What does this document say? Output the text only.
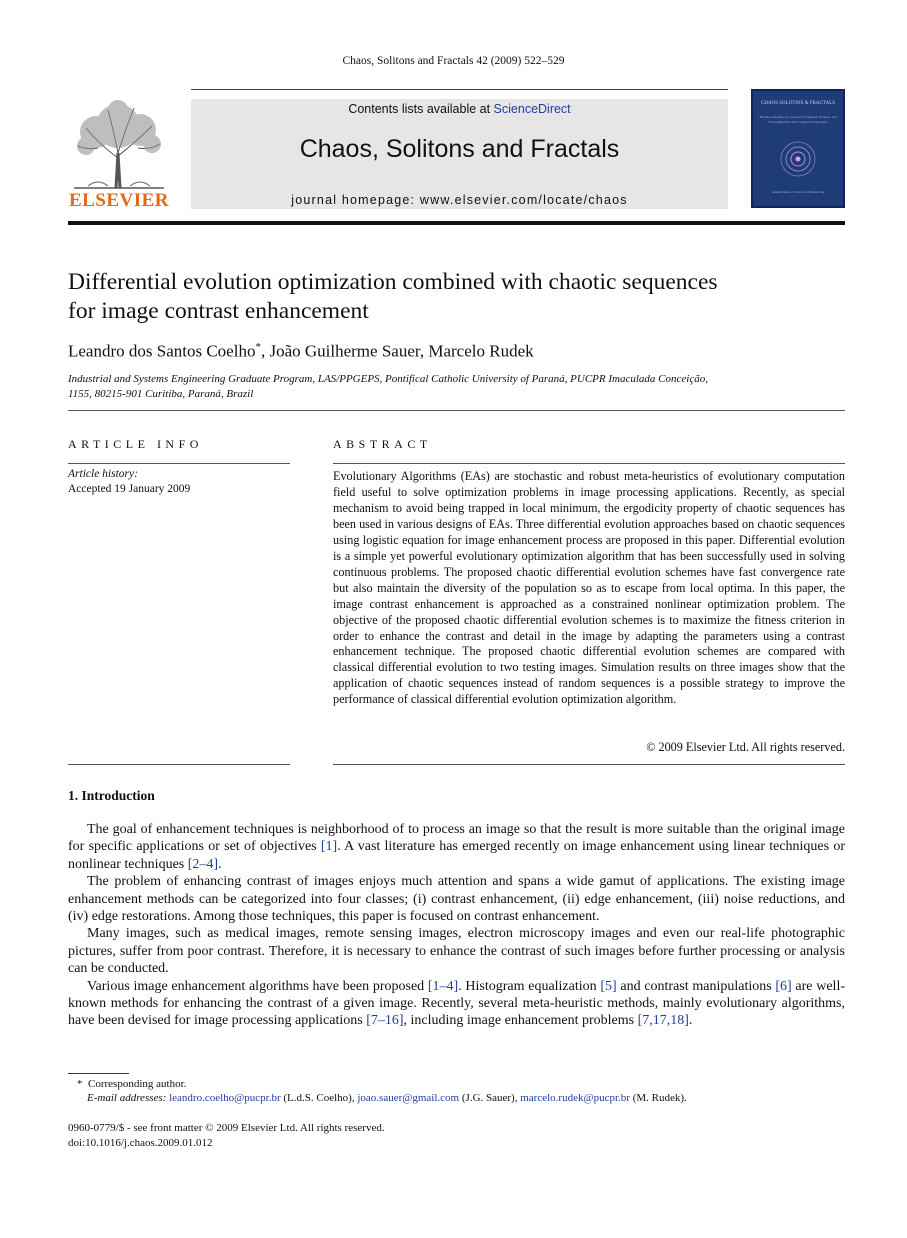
Chaos, Solitons and Fractals 42 (2009) 522–529
ELSEVIER
Contents lists available at ScienceDirect
Chaos, Solitons and Fractals
journal homepage: www.elsevier.com/locate/chaos
CHAOS SOLITONS & FRACTALS
The Interdisciplinary Journal of Nonlinear Science, and Nonequilibrium and Complex Phenomena
Applications of Chaos in Engineering
Differential evolution optimization combined with chaotic sequences
for image contrast enhancement
Leandro dos Santos Coelho*, João Guilherme Sauer, Marcelo Rudek
Industrial and Systems Engineering Graduate Program, LAS/PPGEPS, Pontifical Catholic University of Paraná, PUCPR Imaculada Conceição,
1155, 80215-901 Curitiba, Paraná, Brazil
ARTICLE INFO
Article history:
Accepted 19 January 2009
ABSTRACT
Evolutionary Algorithms (EAs) are stochastic and robust meta-heuristics of evolutionary computation field useful to solve optimization problems in image processing applications. Recently, as special mechanism to avoid being trapped in local minimum, the ergodicity property of chaotic sequences has been used in various designs of EAs. Three differential evolution approaches based on chaotic sequences using logistic equation for image enhancement process are proposed in this paper. Differential evolution is a simple yet powerful evolutionary optimization algorithm that has been successfully used in solving continuous problems. The proposed chaotic differential evolution schemes have fast convergence rate but also maintain the diversity of the population so as to escape from local optima. In this paper, the image contrast enhancement is approached as a constrained nonlinear optimization problem. The objective of the proposed chaotic differential evolution schemes is to maximize the fitness criterion in order to enhance the contrast and detail in the image by adapting the parameters using a contrast enhancement technique. The proposed chaotic differential evolution schemes are compared with classical differential evolution to two testing images. Simulation results on three images show that the application of chaotic sequences instead of random sequences is a possible strategy to improve the performance of classical differential evolution optimization algorithm.
© 2009 Elsevier Ltd. All rights reserved.
1. Introduction

The goal of enhancement techniques is neighborhood of to process an image so that the result is more suitable than the original image for specific applications or set of objectives [1]. A vast literature has emerged recently on image enhancement using linear techniques or nonlinear techniques [2–4].

The problem of enhancing contrast of images enjoys much attention and spans a wide gamut of applications. The existing image enhancement methods can be categorized into four classes; (i) contrast enhancement, (ii) edge enhancement, (iii) noise reductions, and (iv) edge restorations. Among those techniques, this paper is focused on contrast enhancement.

Many images, such as medical images, remote sensing images, electron microscopy images and even our real-life photographic pictures, suffer from poor contrast. Therefore, it is necessary to enhance the contrast of such images before further processing or analysis can be conducted.

Various image enhancement algorithms have been proposed [1–4]. Histogram equalization [5] and contrast manipulations [6] are well-known methods for enhancing the contrast of a given image. Recently, several meta-heuristic methods, mainly evolutionary algorithms, have been devised for image processing applications [7–16], including image enhancement problems [7,17,18].

* Corresponding author.
E-mail addresses: leandro.coelho@pucpr.br (L.d.S. Coelho), joao.sauer@gmail.com (J.G. Sauer), marcelo.rudek@pucpr.br (M. Rudek).
0960-0779/$ - see front matter © 2009 Elsevier Ltd. All rights reserved.
doi:10.1016/j.chaos.2009.01.012
